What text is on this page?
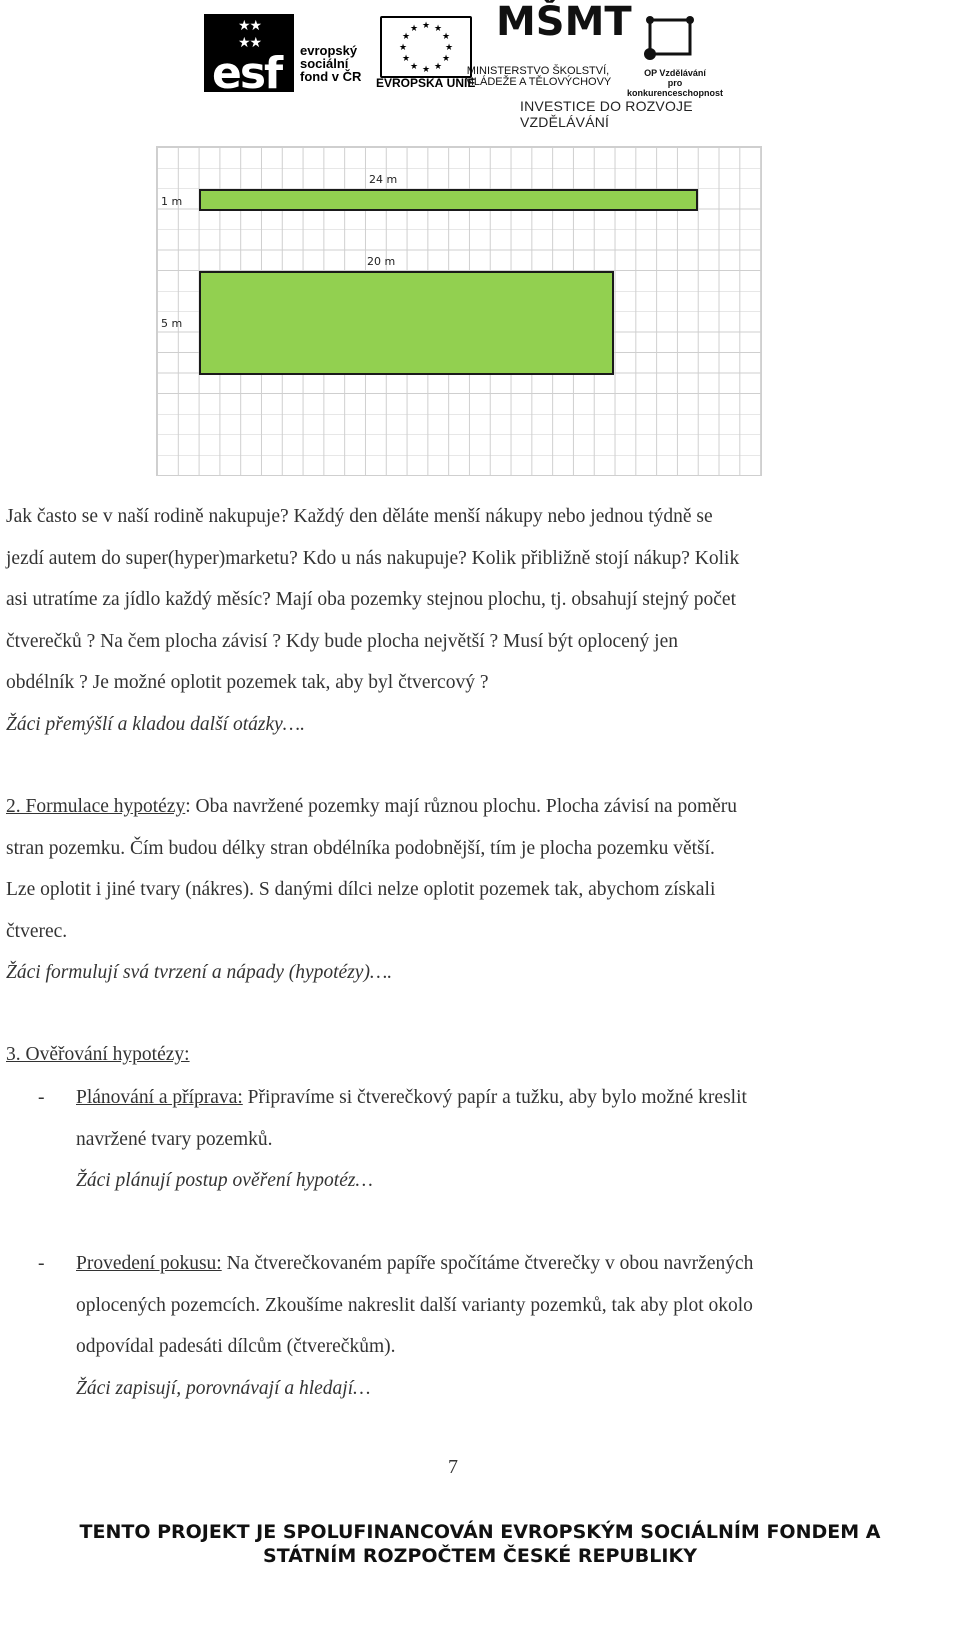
★★
★★
esf evropský
sociální
fond v ČR
★ ★
★
★
★
★
★
★
★
★
★
★
EVROPSKÁ UNIE
MŠMT
MINISTERSTVO ŠKOLSTVÍ,
MLÁDEŽE A TĚLOVÝCHOVY
OP Vzdělávání
pro konkurenceschopnost
INVESTICE DO ROZVOJE VZDĚLÁVÁNÍ
24 m
1 m
20 m
5 m
Jak často se v naší rodině nakupuje? Každý den děláte menší nákupy nebo jednou týdně se
jezdí autem do super(hyper)marketu? Kdo u nás nakupuje? Kolik přibližně stojí nákup? Kolik
asi utratíme za jídlo každý měsíc? Mají oba pozemky stejnou plochu, tj. obsahují stejný počet
čtverečků ? Na čem plocha závisí ? Kdy bude plocha největší ? Musí být oplocený jen
obdélník ? Je možné oplotit pozemek tak, aby byl čtvercový ?
Žáci přemýšlí a kladou další otázky….
2. Formulace hypotézy: Oba navržené pozemky mají různou plochu. Plocha závisí na poměru
stran pozemku. Čím budou délky stran obdélníka podobnější, tím je plocha pozemku větší.
Lze oplotit i jiné tvary (nákres). S danými dílci nelze oplotit pozemek tak, abychom získali
čtverec.
Žáci formulují svá tvrzení a nápady (hypotézy)….
3. Ověřování hypotézy:
- Plánování a příprava: Připravíme si čtverečkový papír a tužku, aby bylo možné kreslit
navržené tvary pozemků.
Žáci plánují postup ověření hypotéz…
- Provedení pokusu: Na čtverečkovaném papíře spočítáme čtverečky v obou navržených
oplocených pozemcích. Zkoušíme nakreslit další varianty pozemků, tak aby plot okolo
odpovídal padesáti dílcům (čtverečkům).
Žáci zapisují, porovnávají a hledají…
7
TENTO PROJEKT JE SPOLUFINANCOVÁN EVROPSKÝM SOCIÁLNÍM FONDEM A
STÁTNÍM ROZPOČTEM ČESKÉ REPUBLIKY
